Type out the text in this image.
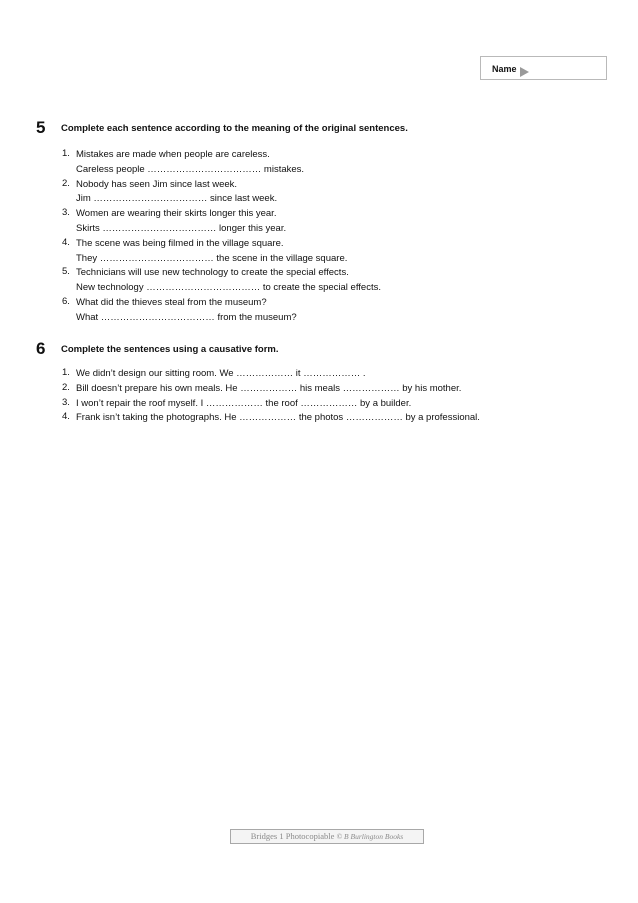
Name
5 Complete each sentence according to the meaning of the original sentences.
1. Mistakes are made when people are careless.
Careless people ……………………………… mistakes.
2. Nobody has seen Jim since last week.
Jim ……………………………… since last week.
3. Women are wearing their skirts longer this year.
Skirts ……………………………… longer this year.
4. The scene was being filmed in the village square.
They ……………………………… the scene in the village square.
5. Technicians will use new technology to create the special effects.
New technology ……………………………… to create the special effects.
6. What did the thieves steal from the museum?
What ……………………………… from the museum?
6 Complete the sentences using a causative form.
1. We didn’t design our sitting room. We ……………… it ……………… .
2. Bill doesn’t prepare his own meals. He ……………… his meals ……………… by his mother.
3. I won’t repair the roof myself. I ……………… the roof ……………… by a builder.
4. Frank isn’t taking the photographs. He ……………… the photos ……………… by a professional.
Bridges 1 Photocopiable © B Burlington Books
